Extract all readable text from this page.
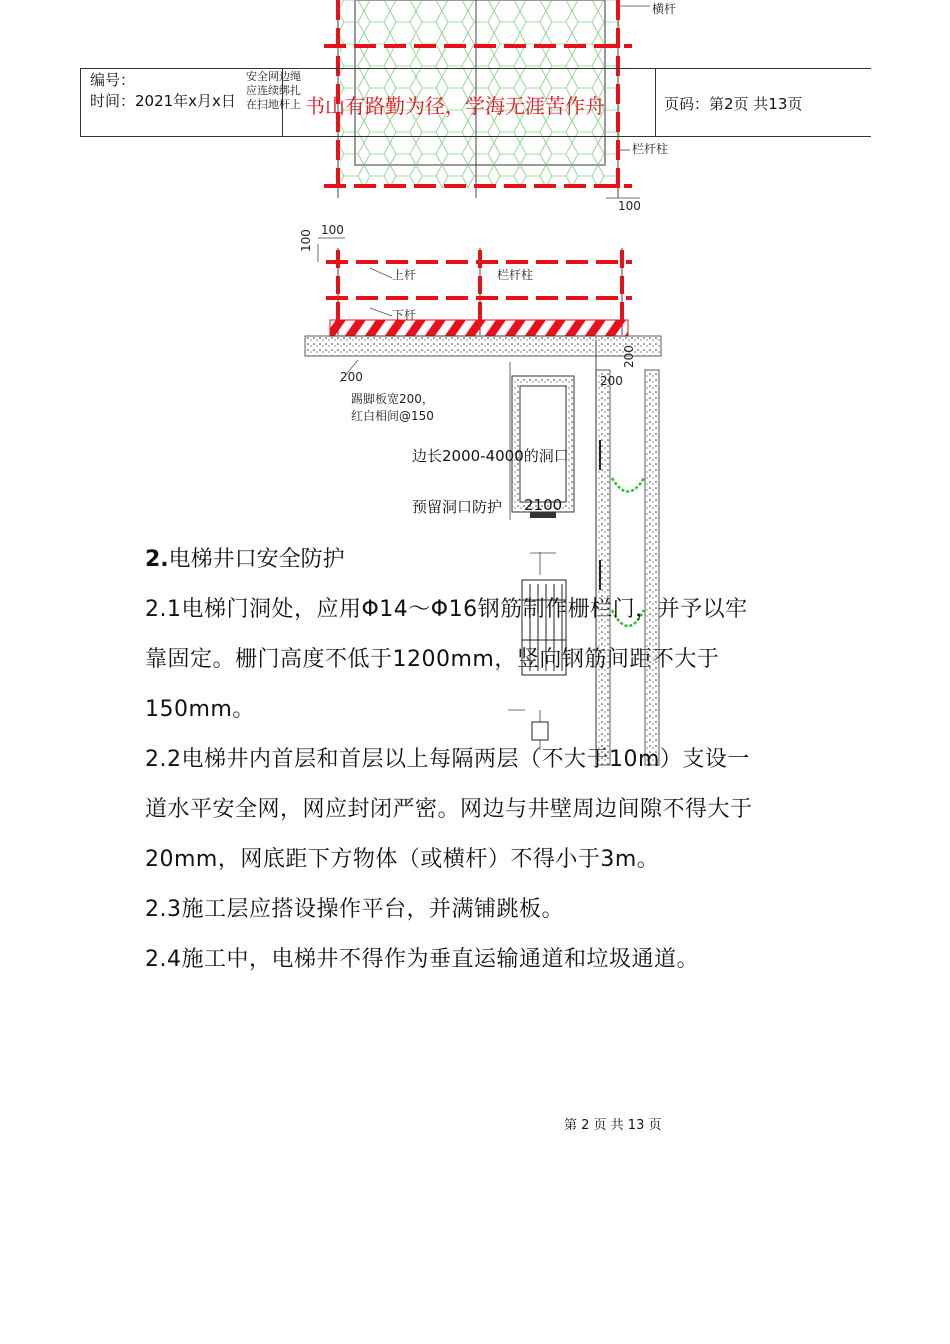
编号：
时间：2021年x月x日	书山有路勤为径，学海无涯苦作舟	页码：第2页 共13页
横杆
安全网边绳
应连续绑扎
在扫地杆上
栏杆柱
100
100
100
上杆	栏杆柱
下杆
200	200
200
踢脚板宽200，
红白相间@150
边长2000-4000的洞口
预留洞口防护 2100
2.电梯井口安全防护
2.1电梯门洞处，应用Φ14～Φ16钢筋制作栅栏门，并予以牢
靠固定。栅门高度不低于1200mm，竖向钢筋间距不大于
150mm。
2.2电梯井内首层和首层以上每隔两层（不大于10m）支设一
道水平安全网，网应封闭严密。网边与井壁周边间隙不得大于
20mm，网底距下方物体（或横杆）不得小于3m。
2.3施工层应搭设操作平台，并满铺跳板。
2.4施工中，电梯井不得作为垂直运输通道和垃圾通道。
第 2 页 共 13 页
